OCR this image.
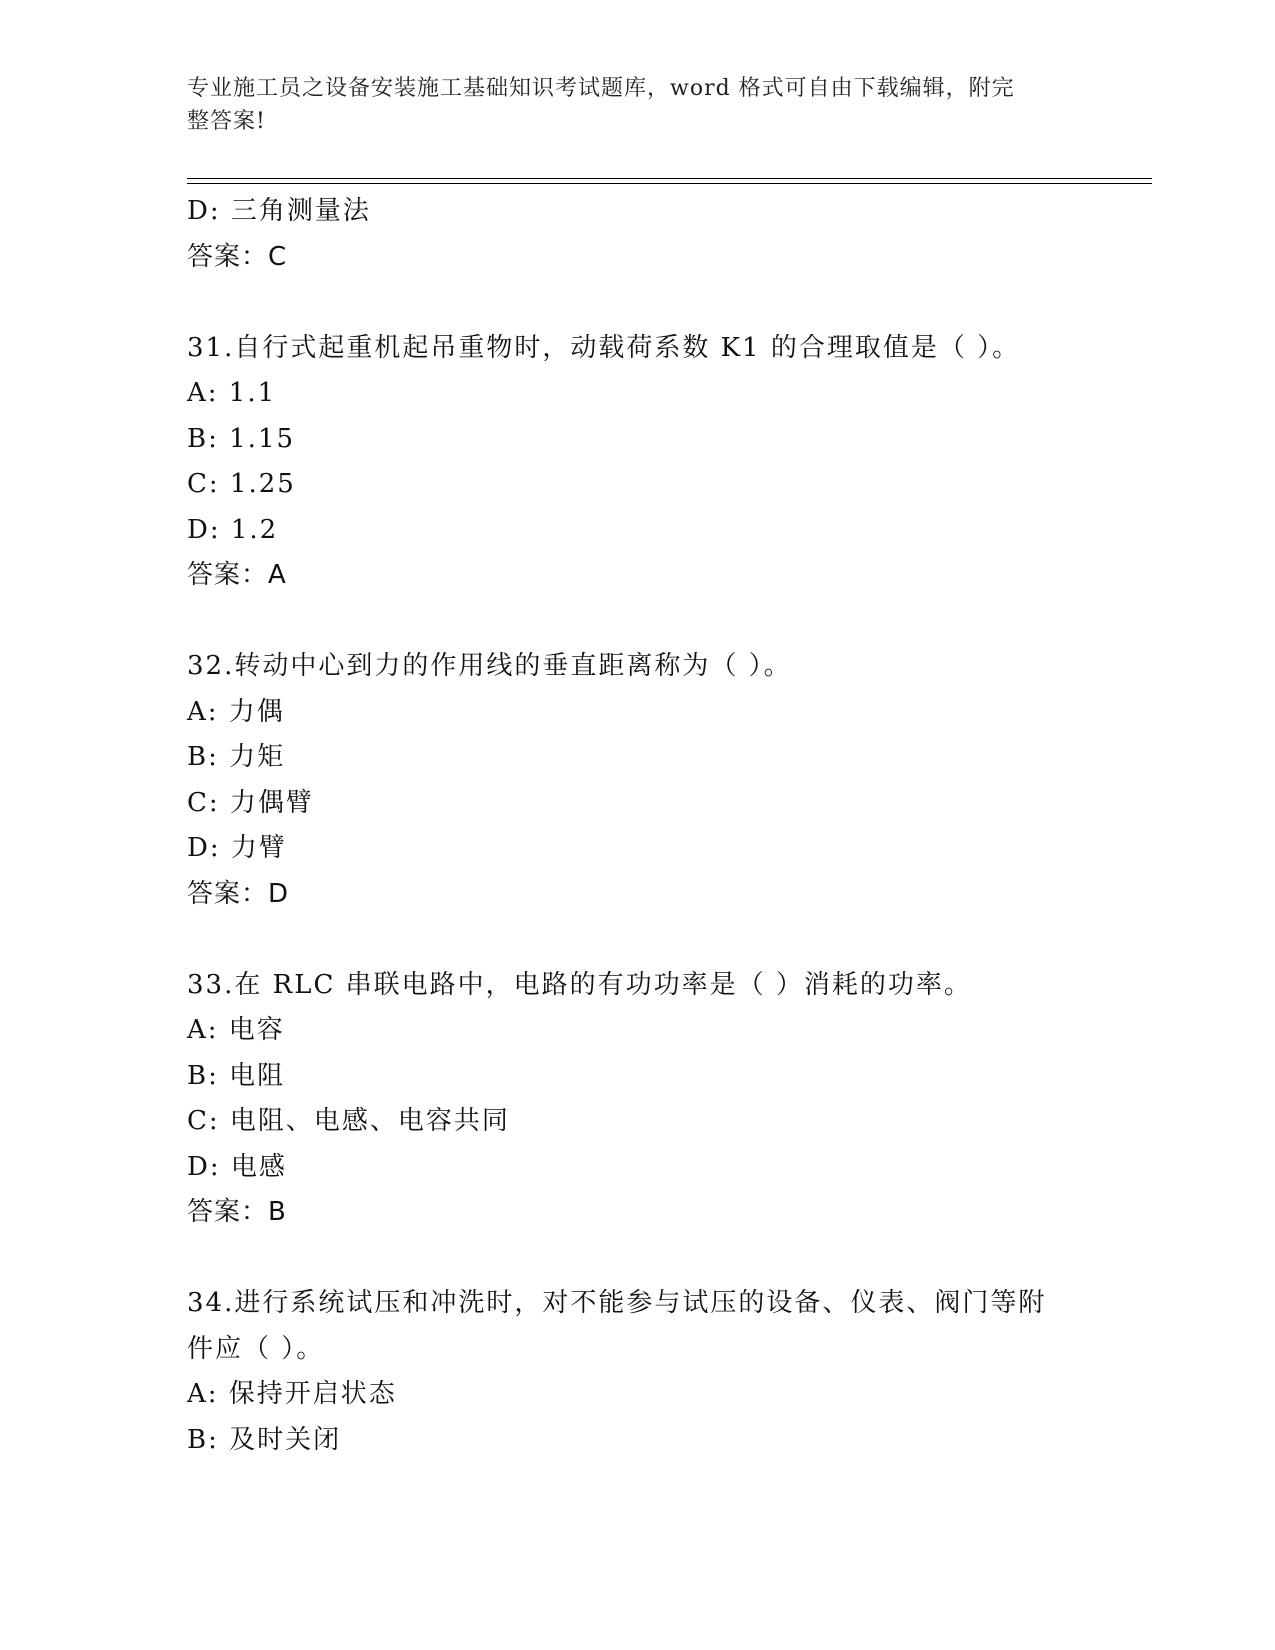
专业施工员之设备安装施工基础知识考试题库，word 格式可自由下载编辑，附完
整答案!
D: 三角测量法
答案：C
31.自行式起重机起吊重物时，动载荷系数 K1 的合理取值是（ ）。
A: 1.1
B: 1.15
C: 1.25
D: 1.2
答案：A
32.转动中心到力的作用线的垂直距离称为（ ）。
A: 力偶
B: 力矩
C: 力偶臂
D: 力臂
答案：D
33.在 RLC 串联电路中，电路的有功功率是（ ）消耗的功率。
A: 电容
B: 电阻
C: 电阻、电感、电容共同
D: 电感
答案：B
34.进行系统试压和冲洗时，对不能参与试压的设备、仪表、阀门等附
件应（ ）。
A: 保持开启状态
B: 及时关闭
